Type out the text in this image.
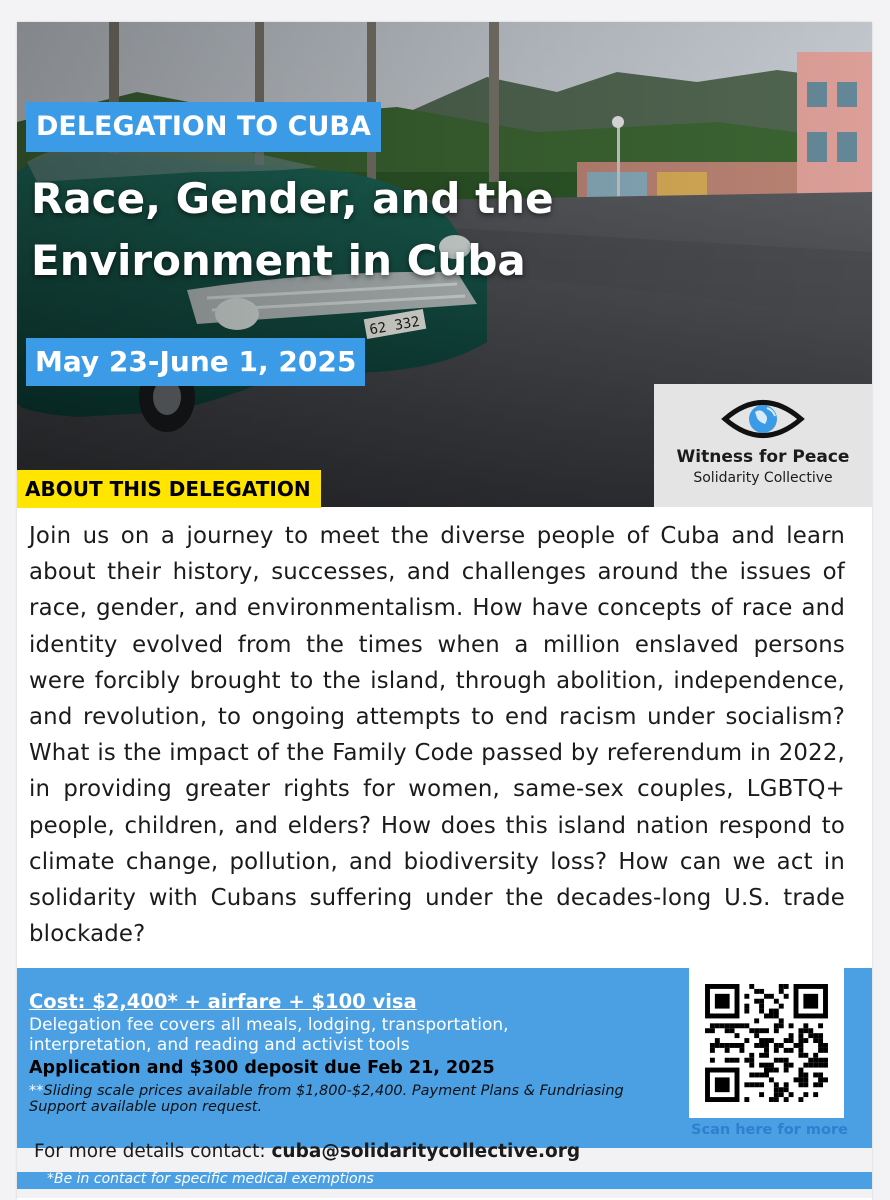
DELEGATION TO CUBA
Race, Gender, and the
Environment in Cuba
May 23-June 1, 2025
Witness for Peace
Solidarity Collective
ABOUT THIS DELEGATION
Join us on a journey to meet the diverse people of Cuba and learn about their history, successes, and challenges around the issues of race, gender, and environmentalism. How have concepts of race and identity evolved from the times when a million enslaved persons were forcibly brought to the island, through abolition, independence, and revolution, to ongoing attempts to end racism under socialism? What is the impact of the Family Code passed by referendum in 2022, in providing greater rights for women, same-sex couples, LGBTQ+ people, children, and elders? How does this island nation respond to climate change, pollution, and biodiversity loss? How can we act in solidarity with Cubans suffering under the decades-long U.S. trade blockade?
Cost: $2,400* + airfare + $100 visa
Delegation fee covers all meals, lodging, transportation, interpretation, and reading and activist tools
Application and $300 deposit due Feb 21, 2025
**Sliding scale prices available from $1,800-$2,400. Payment Plans & Fundriasing Support available upon request.
Scan here for more
For more details contact: cuba@solidaritycollective.org
*Be in contact for specific medical exemptions
